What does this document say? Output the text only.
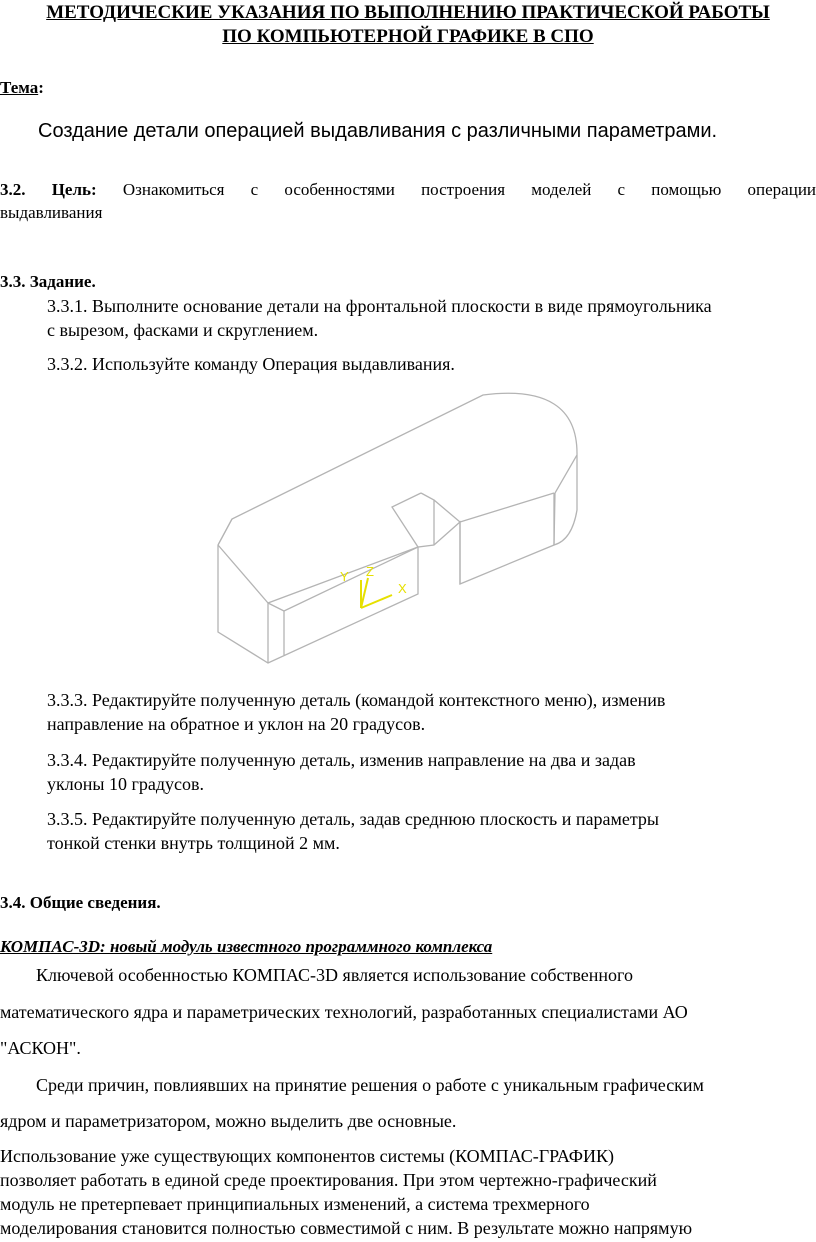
МЕТОДИЧЕСКИЕ УКАЗАНИЯ ПО ВЫПОЛНЕНИЮ ПРАКТИЧЕСКОЙ РАБОТЫ
ПО КОМПЬЮТЕРНОЙ ГРАФИКЕ В СПО
Тема:
Создание детали операцией выдавливания с различными параметрами.
3.2. Цель: Ознакомиться с особенностями построения моделей с помощью операции
выдавливания
3.3. Задание.
3.3.1. Выполните основание детали на фронтальной плоскости в виде прямоугольника
с вырезом, фасками и скруглением.
3.3.2. Используйте команду Операция выдавливания.
Y Z
X
3.3.3. Редактируйте полученную деталь (командой контекстного меню), изменив
направление на обратное и уклон на 20 градусов.
3.3.4. Редактируйте полученную деталь, изменив направление на два и задав
уклоны 10 градусов.
3.3.5. Редактируйте полученную деталь, задав среднюю плоскость и параметры
тонкой стенки внутрь толщиной 2 мм.
3.4. Общие сведения.
КОМПАС-3D: новый модуль известного программного комплекса
Ключевой особенностью КОМПАС-3D является использование собственного
математического ядра и параметрических технологий, разработанных специалистами АО
"АСКОН".
Среди причин, повлиявших на принятие решения о работе с уникальным графическим
ядром и параметризатором, можно выделить две основные.
Использование уже существующих компонентов системы (КОМПАС-ГРАФИК)
позволяет работать в единой среде проектирования. При этом чертежно-графический
модуль не претерпевает принципиальных изменений, а система трехмерного
моделирования становится полностью совместимой с ним. В результате можно напрямую
